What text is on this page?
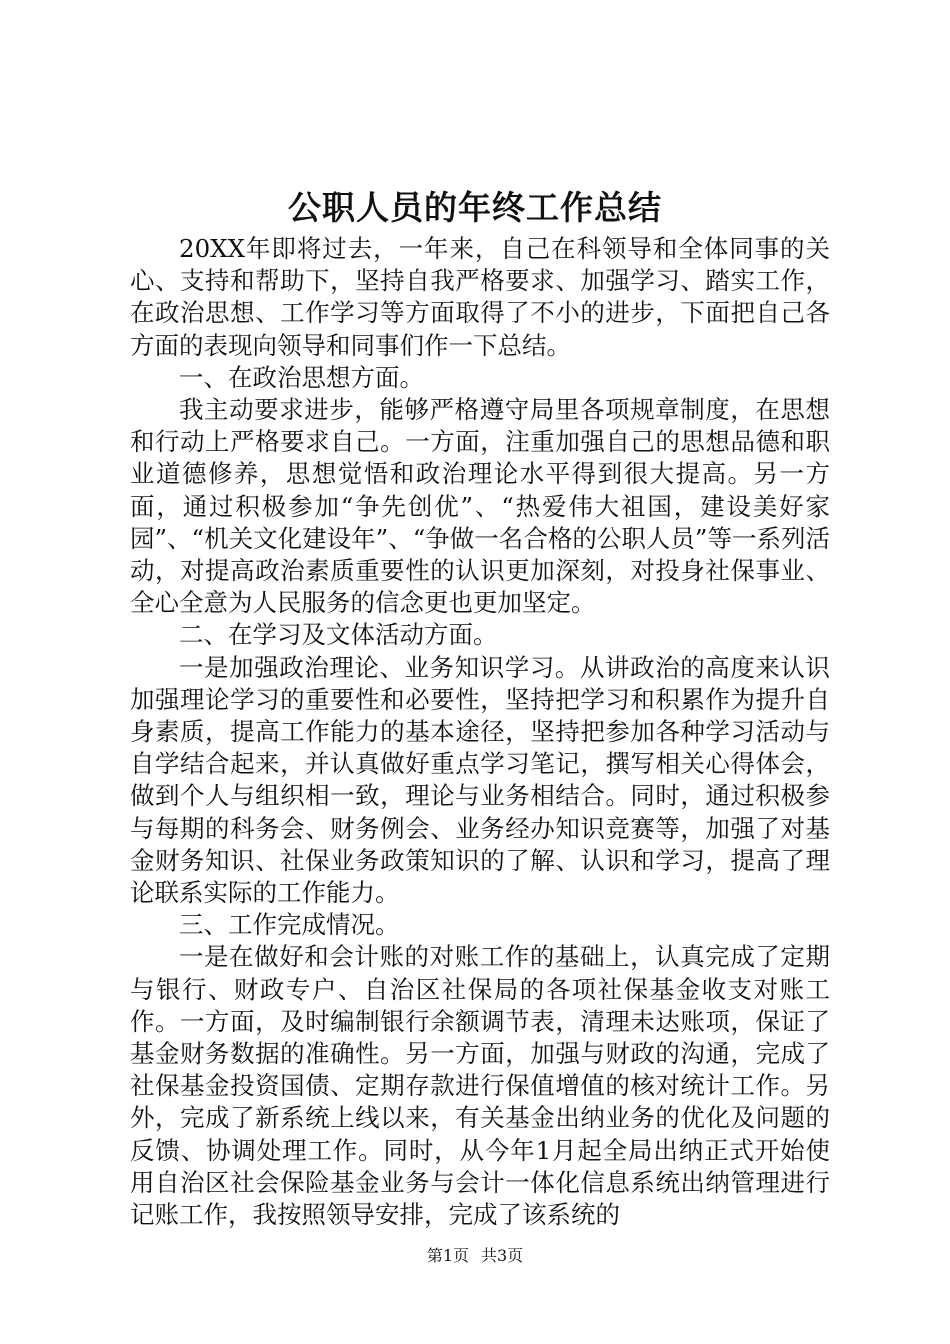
公职人员的年终工作总结

20XX年即将过去，一年来，自己在科领导和全体同事的关心、支持和帮助下，坚持自我严格要求、加强学习、踏实工作，在政治思想、工作学习等方面取得了不小的进步，下面把自己各方面的表现向领导和同事们作一下总结。

一、在政治思想方面。

我主动要求进步，能够严格遵守局里各项规章制度，在思想和行动上严格要求自己。一方面，注重加强自己的思想品德和职业道德修养，思想觉悟和政治理论水平得到很大提高。另一方面，通过积极参加“争先创优”、“热爱伟大祖国，建设美好家园”、“机关文化建设年”、“争做一名合格的公职人员”等一系列活动，对提高政治素质重要性的认识更加深刻，对投身社保事业、全心全意为人民服务的信念更也更加坚定。

二、在学习及文体活动方面。

一是加强政治理论、业务知识学习。从讲政治的高度来认识加强理论学习的重要性和必要性，坚持把学习和积累作为提升自身素质，提高工作能力的基本途径，坚持把参加各种学习活动与自学结合起来，并认真做好重点学习笔记，撰写相关心得体会，做到个人与组织相一致，理论与业务相结合。同时，通过积极参与每期的科务会、财务例会、业务经办知识竞赛等，加强了对基金财务知识、社保业务政策知识的了解、认识和学习，提高了理论联系实际的工作能力。

三、工作完成情况。

一是在做好和会计账的对账工作的基础上，认真完成了定期与银行、财政专户、自治区社保局的各项社保基金收支对账工作。一方面，及时编制银行余额调节表，清理未达账项，保证了基金财务数据的准确性。另一方面，加强与财政的沟通，完成了社保基金投资国债、定期存款进行保值增值的核对统计工作。另外，完成了新系统上线以来，有关基金出纳业务的优化及问题的反馈、协调处理工作。同时，从今年1月起全局出纳正式开始使用自治区社会保险基金业务与会计一体化信息系统出纳管理进行记账工作，我按照领导安排，完成了该系统的

第1页 共3页
